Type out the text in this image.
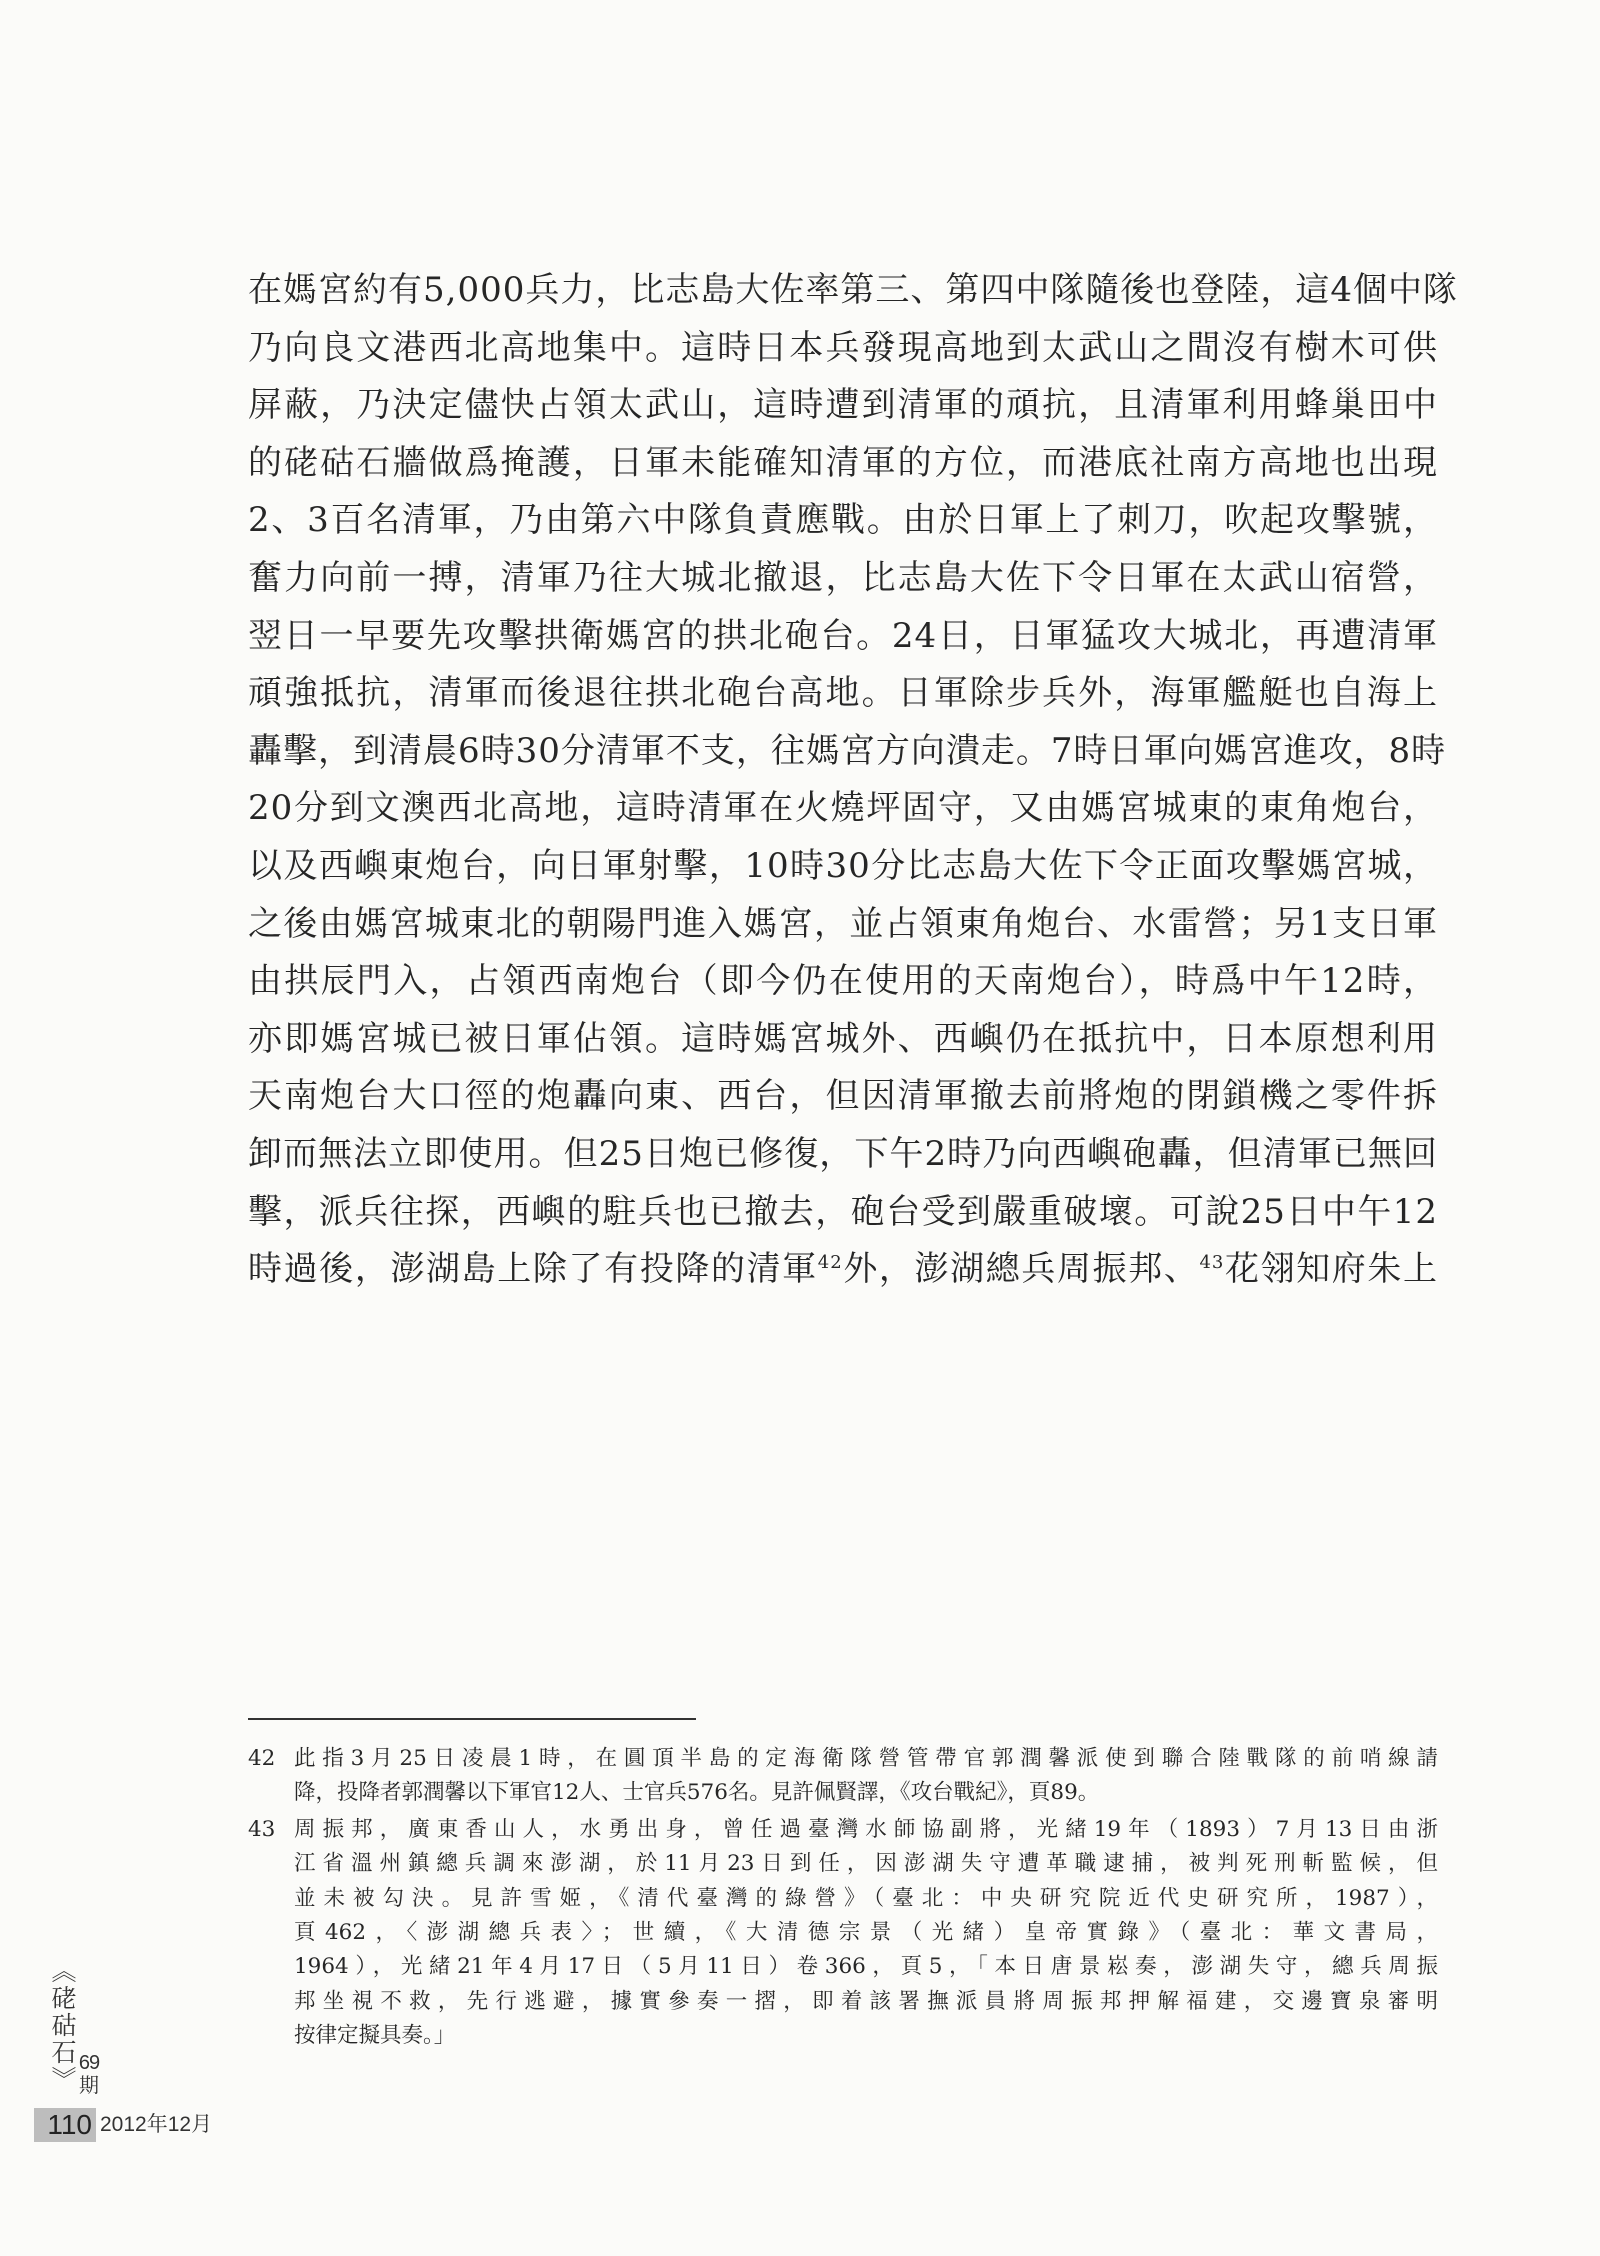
在媽宮約有5,000兵力，比志島大佐率第三、第四中隊隨後也登陸，這4個中隊
乃向良文港西北高地集中。這時日本兵發現高地到太武山之間沒有樹木可供
屏蔽，乃決定儘快占領太武山，這時遭到清軍的頑抗，且清軍利用蜂巢田中
的硓𥑮石牆做爲掩護，日軍未能確知清軍的方位，而港底社南方高地也出現
2、3百名清軍，乃由第六中隊負責應戰。由於日軍上了刺刀，吹起攻擊號，
奮力向前一搏，清軍乃往大城北撤退，比志島大佐下令日軍在太武山宿營，
翌日一早要先攻擊拱衛媽宮的拱北砲台。24日，日軍猛攻大城北，再遭清軍
頑強抵抗，清軍而後退往拱北砲台高地。日軍除步兵外，海軍艦艇也自海上
轟擊，到清晨6時30分清軍不支，往媽宮方向潰走。7時日軍向媽宮進攻，8時
20分到文澳西北高地，這時清軍在火燒坪固守，又由媽宮城東的東角炮台，
以及西嶼東炮台，向日軍射擊，10時30分比志島大佐下令正面攻擊媽宮城，
之後由媽宮城東北的朝陽門進入媽宮，並占領東角炮台、水雷營；另1支日軍
由拱辰門入，占領西南炮台（即今仍在使用的天南炮台），時爲中午12時，
亦即媽宮城已被日軍佔領。這時媽宮城外、西嶼仍在抵抗中，日本原想利用
天南炮台大口徑的炮轟向東、西台，但因清軍撤去前將炮的閉鎖機之零件拆
卸而無法立即使用。但25日炮已修復，下午2時乃向西嶼砲轟，但清軍已無回
擊，派兵往探，西嶼的駐兵也已撤去，砲台受到嚴重破壞。可說25日中午12
時過後，澎湖島上除了有投降的清軍$^{42}$外，澎湖總兵周振邦、$^{43}$花翎知府朱上
42 此指3月25日凌晨1時，在圓頂半島的定海衛隊營管帶官郭潤馨派使到聯合陸戰隊的前哨線請
降，投降者郭潤馨以下軍官12人、士官兵576名。見許佩賢譯，《攻台戰紀》，頁89。
43 周振邦，廣東香山人，水勇出身，曾任過臺灣水師協副將，光緒19年（1893）7月13日由浙
江省溫州鎮總兵調來澎湖，於11月23日到任，因澎湖失守遭革職逮捕，被判死刑斬監候，但
並未被勾決。見許雪姬，《清代臺灣的綠營》（臺北：中央研究院近代史研究所，1987），
頁462，〈澎湖總兵表〉；世續，《大清德宗景（光緒）皇帝實錄》（臺北：華文書局，
1964），光緒21年4月17日（5月11日）卷366，頁5，「本日唐景崧奏，澎湖失守，總兵周振
邦坐視不救，先行逃避，據實參奏一摺，即着該署撫派員將周振邦押解福建，交邊寶泉審明
按律定擬具奏。」
《硓𥑮石》 69
期
110 2012年12月
